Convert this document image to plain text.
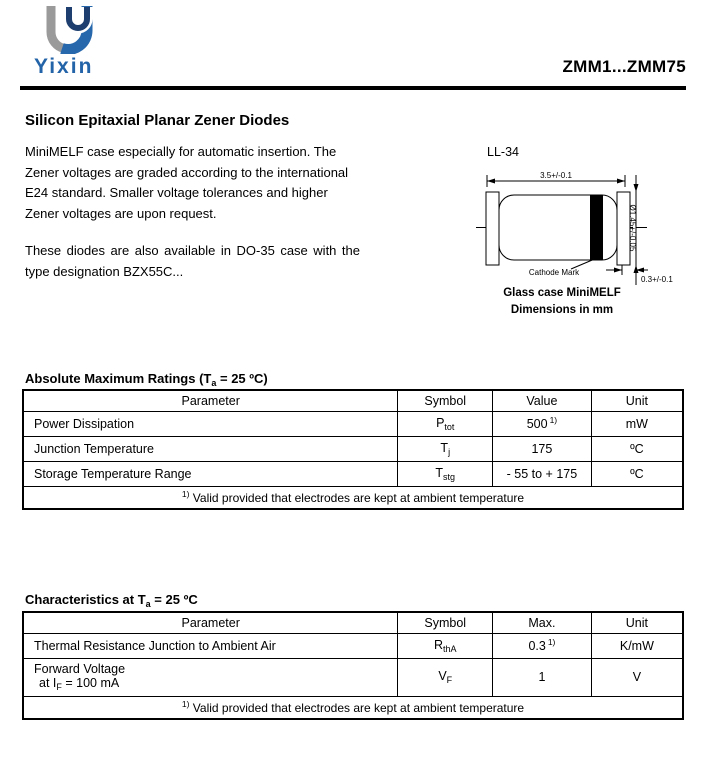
Yixin	ZMM1...ZMM75
Silicon Epitaxial Planar Zener Diodes

MiniMELF case especially for automatic insertion. The Zener voltages are graded according to the international E24 standard. Smaller voltage tolerances and higher Zener voltages are upon request.

These diodes are also available in DO-35 case with the type designation BZX55C...

LL-34
3.5+/-0.1
Ø1.45+/-0.05
0.3+/-0.1
Cathode Mark
Glass case MiniMELF
Dimensions in mm
Absolute Maximum Ratings ($T_a = 25$ ºC)
Parameter	Symbol	Value	Unit
Power Dissipation	$P_{tot}$	500 $^{1)}$	mW
Junction Temperature	$T_j$	175	ºC
Storage Temperature Range	$T_{stg}$	- 55 to + 175	ºC
$^{1)}$ Valid provided that electrodes are kept at ambient temperature			
Characteristics at $T_a = 25$ ºC
Parameter	Symbol	Max.	Unit
Thermal Resistance Junction to Ambient Air	$R_{thA}$	0.3 $^{1)}$	K/mW
Forward Voltage
at $I_F = 100$ mA	$V_F$	1	V
$^{1)}$ Valid provided that electrodes are kept at ambient temperature			
